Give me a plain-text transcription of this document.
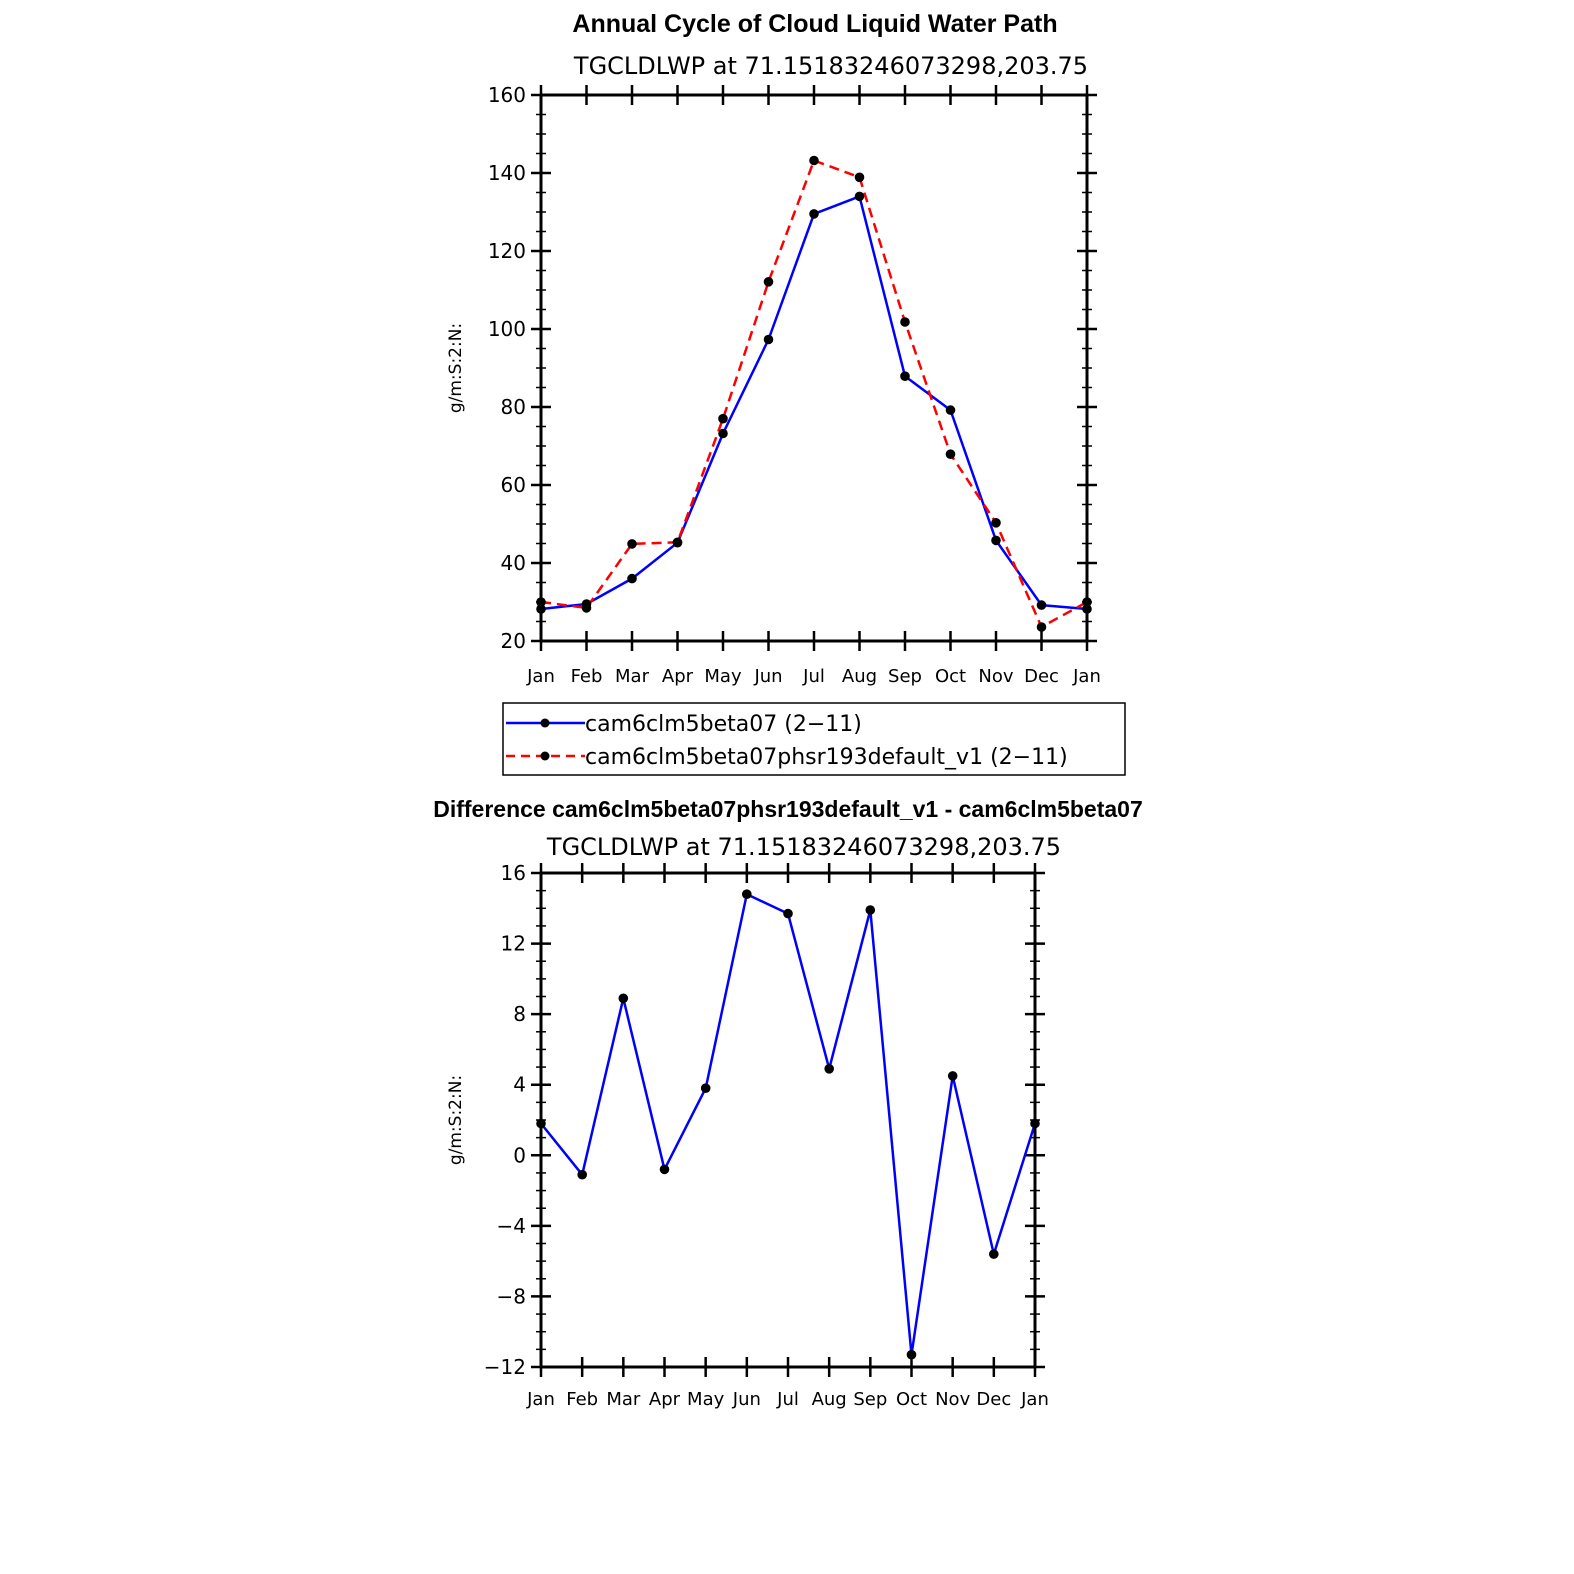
Annual Cycle of Cloud Liquid Water Path
TGCLDLWP at 71.15183246073298,203.75
g/m:S:2:N:
20
40
60
80
100
120
140
160
Jan Feb Mar Apr May Jun Jul Aug Sep Oct Nov Dec Jan
cam6clm5beta07 (2−11)
cam6clm5beta07phsr193default_v1 (2−11)
Difference cam6clm5beta07phsr193default_v1 - cam6clm5beta07
TGCLDLWP at 71.15183246073298,203.75
g/m:S:2:N:
−12
−8
−4
0
4
8
12
16
Jan Feb Mar Apr May Jun Jul Aug Sep Oct Nov Dec Jan
